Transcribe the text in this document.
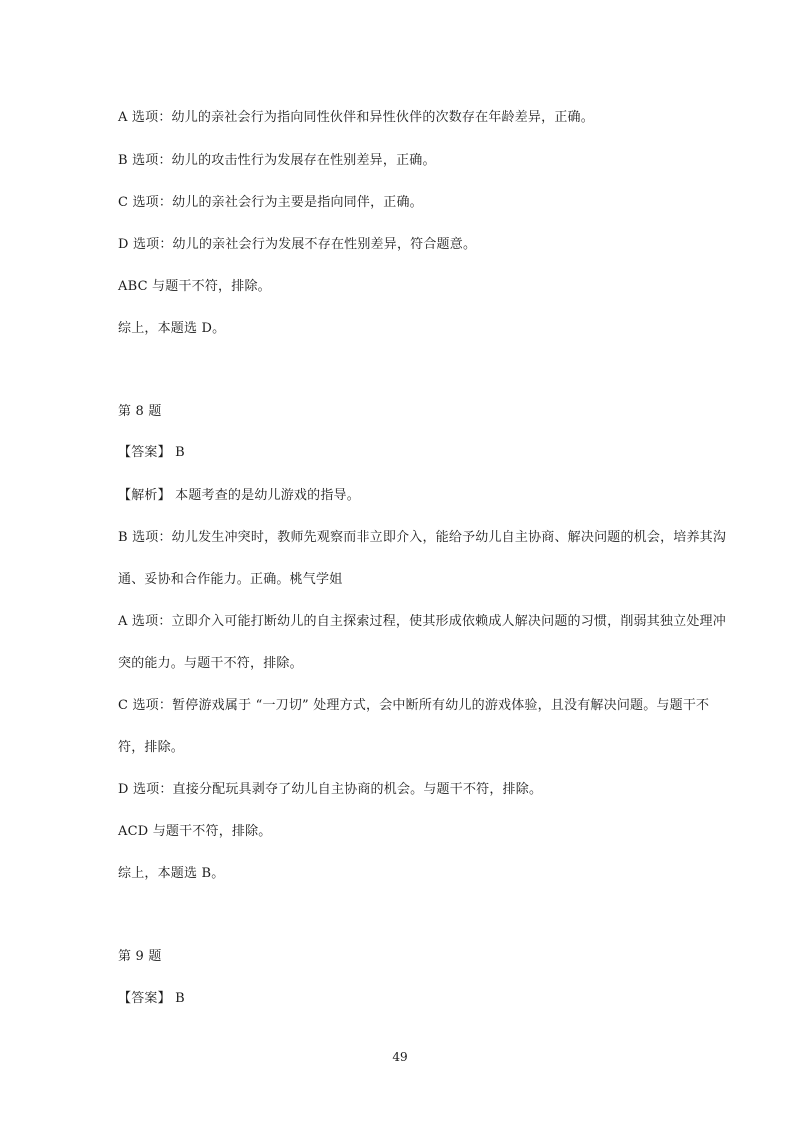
A 选项：幼儿的亲社会行为指向同性伙伴和异性伙伴的次数存在年龄差异，正确。
B 选项：幼儿的攻击性行为发展存在性别差异，正确。
C 选项：幼儿的亲社会行为主要是指向同伴，正确。
D 选项：幼儿的亲社会行为发展不存在性别差异，符合题意。
ABC 与题干不符，排除。
综上，本题选 D。
第 8 题
【答案】 B
【解析】 本题考查的是幼儿游戏的指导。
B 选项：幼儿发生冲突时，教师先观察而非立即介入，能给予幼儿自主协商、解决问题的机会，培养其沟
通、妥协和合作能力。正确。桃气学姐
A 选项：立即介入可能打断幼儿的自主探索过程，使其形成依赖成人解决问题的习惯，削弱其独立处理冲
突的能力。与题干不符，排除。
C 选项：暂停游戏属于 “一刀切” 处理方式，会中断所有幼儿的游戏体验，且没有解决问题。与题干不
符，排除。
D 选项：直接分配玩具剥夺了幼儿自主协商的机会。与题干不符，排除。
ACD 与题干不符，排除。
综上，本题选 B。
第 9 题
【答案】 B
49
